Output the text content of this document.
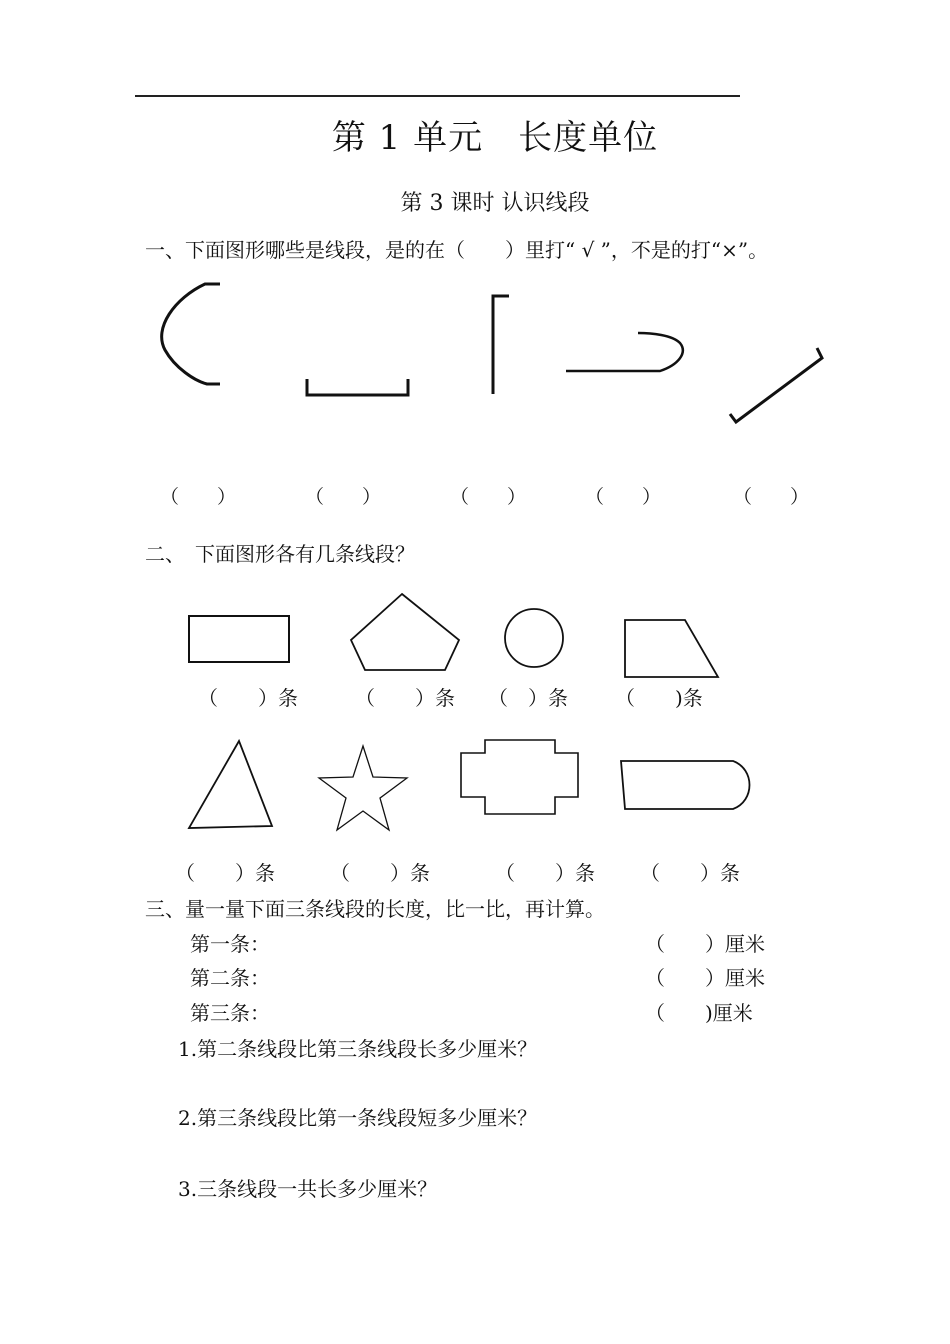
第 1 单元　长度单位
第 3 课时 认识线段
一、下面图形哪些是线段，是的在（　　）里打“ √ ”，不是的打“×”。
（　　）	（　　）	（　　）	（　　）	（　　）
二、　下面图形各有几条线段？
（　　）条	（　　）条 （　）条 （　　)条
（　　）条	（　　）条	（　　）条 （　　）条
三、量一量下面三条线段的长度，比一比，再计算。
第一条：	（　　）厘米
第二条：	（　　）厘米
第三条：	（　　)厘米
1.第二条线段比第三条线段长多少厘米？
2.第三条线段比第一条线段短多少厘米？
3.三条线段一共长多少厘米？
